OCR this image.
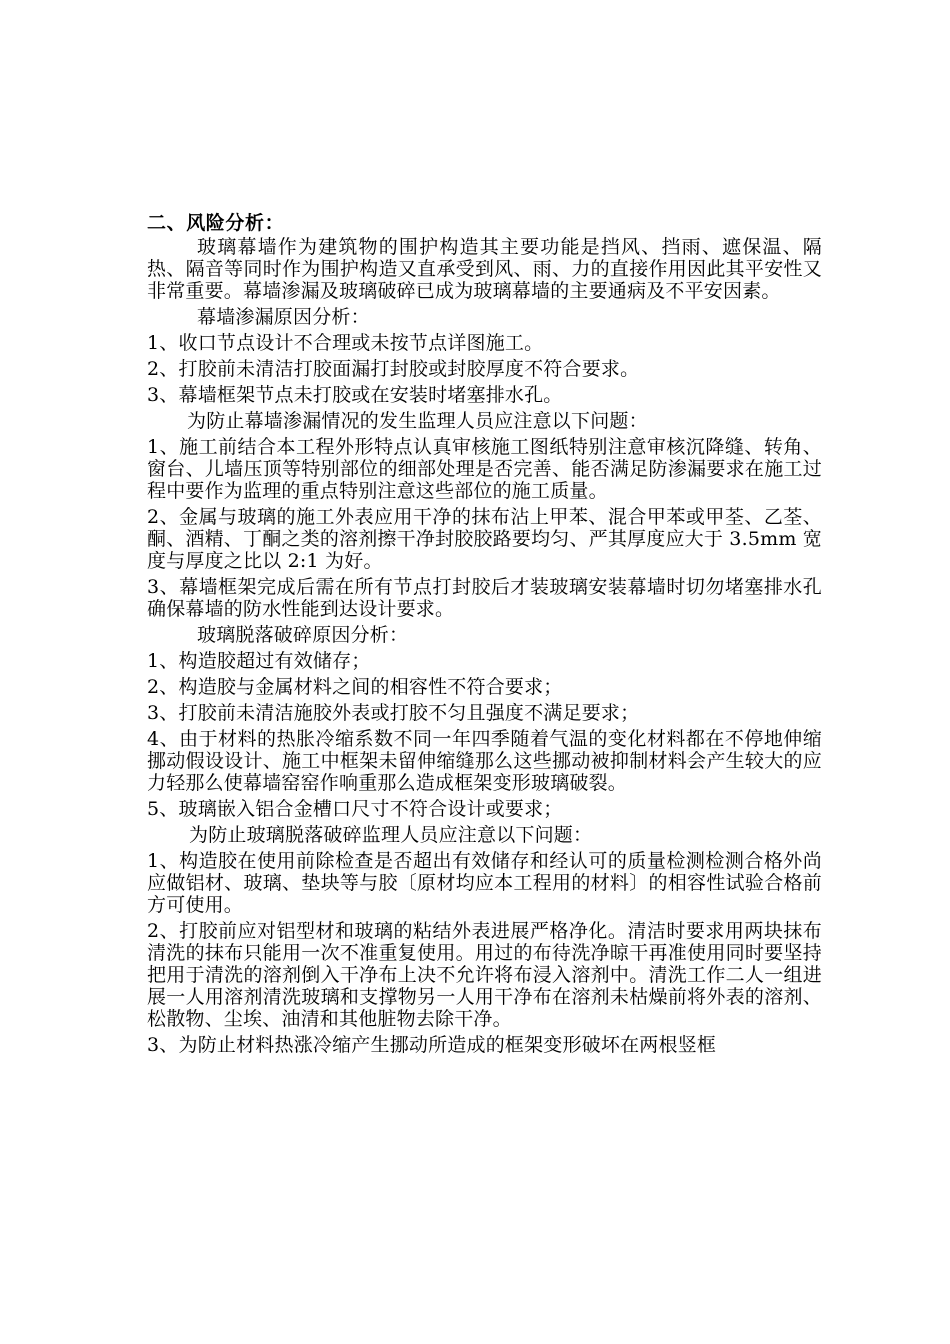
二、风险分析：

玻璃幕墙作为建筑物的围护构造其主要功能是挡风、挡雨、遮保温、隔热、隔音等同时作为围护构造又直承受到风、雨、力的直接作用因此其平安性又非常重要。幕墙渗漏及玻璃破碎已成为玻璃幕墙的主要通病及不平安因素。

幕墙渗漏原因分析：

1、收口节点设计不合理或未按节点详图施工。

2、打胶前未清洁打胶面漏打封胶或封胶厚度不符合要求。

3、幕墙框架节点未打胶或在安装时堵塞排水孔。

为防止幕墙渗漏情况的发生监理人员应注意以下问题：

1、施工前结合本工程外形特点认真审核施工图纸特别注意审核沉降缝、转角、窗台、儿墙压顶等特别部位的细部处理是否完善、能否满足防渗漏要求在施工过程中要作为监理的重点特别注意这些部位的施工质量。

2、金属与玻璃的施工外表应用干净的抹布沾上甲苯、混合甲苯或甲荃、乙荃、酮、酒精、丁酮之类的溶剂擦干净封胶胶路要均匀、严其厚度应大于 3.5mm 宽度与厚度之比以 2:1 为好。

3、幕墙框架完成后需在所有节点打封胶后才装玻璃安装幕墙时切勿堵塞排水孔确保幕墙的防水性能到达设计要求。

玻璃脱落破碎原因分析：

1、构造胶超过有效储存；

2、构造胶与金属材料之间的相容性不符合要求；

3、打胶前未清洁施胶外表或打胶不匀且强度不满足要求；

4、由于材料的热胀冷缩系数不同一年四季随着气温的变化材料都在不停地伸缩挪动假设设计、施工中框架未留伸缩缝那么这些挪动被抑制材料会产生较大的应力轻那么使幕墙窑窑作响重那么造成框架变形玻璃破裂。

5、玻璃嵌入铝合金槽口尺寸不符合设计或要求；

为防止玻璃脱落破碎监理人员应注意以下问题：

1、构造胶在使用前除检查是否超出有效储存和经认可的质量检测检测合格外尚应做铝材、玻璃、垫块等与胶〔原材均应本工程用的材料〕的相容性试验合格前方可使用。

2、打胶前应对铝型材和玻璃的粘结外表进展严格净化。清洁时要求用两块抹布清洗的抹布只能用一次不准重复使用。用过的布待洗净晾干再准使用同时要坚持把用于清洗的溶剂倒入干净布上决不允许将布浸入溶剂中。清洗工作二人一组进展一人用溶剂清洗玻璃和支撑物另一人用干净布在溶剂未枯燥前将外表的溶剂、松散物、尘埃、油清和其他脏物去除干净。

3、为防止材料热涨冷缩产生挪动所造成的框架变形破坏在两根竖框
